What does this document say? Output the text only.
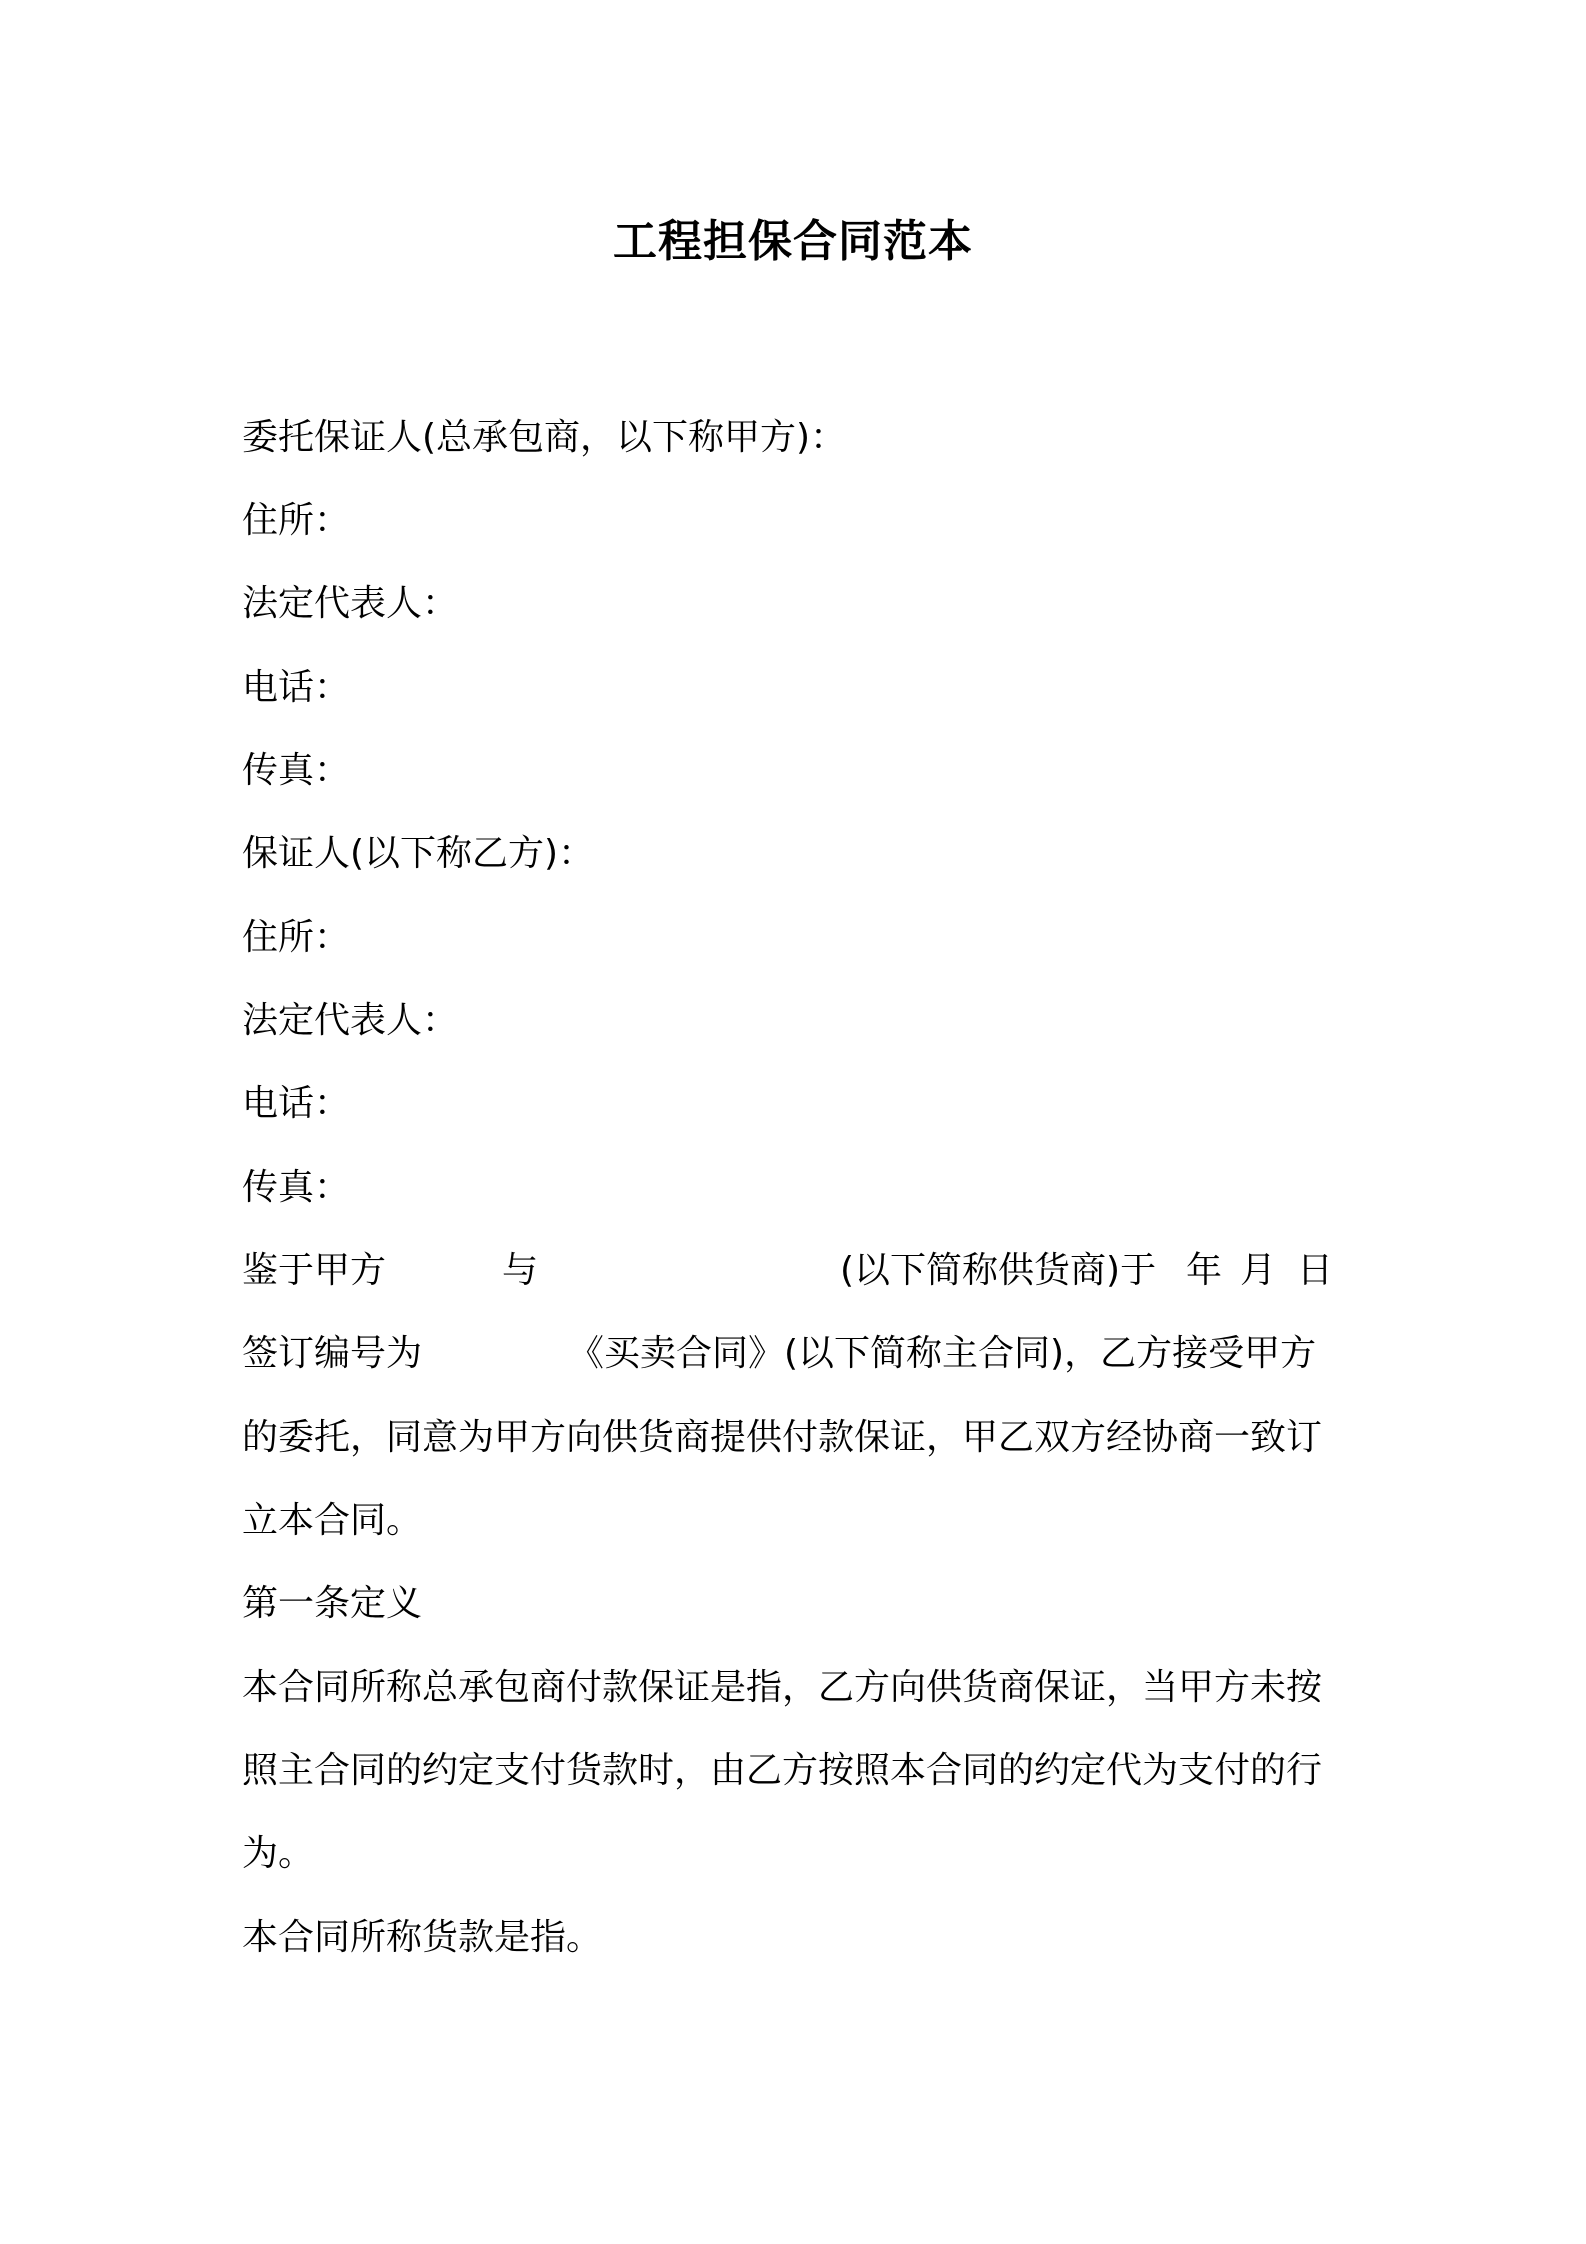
工程担保合同范本
委托保证人(总承包商，以下称甲方)：
住所：
法定代表人：
电话：
传真：
保证人(以下称乙方)：
住所：
法定代表人：
电话：
传真：
鉴于甲方	与	(以下简称供货商)于 年 月 日
签订编号为	《买卖合同》(以下简称主合同)，乙方接受甲方
的委托，同意为甲方向供货商提供付款保证，甲乙双方经协商一致订
立本合同。
第一条定义
本合同所称总承包商付款保证是指，乙方向供货商保证，当甲方未按
照主合同的约定支付货款时，由乙方按照本合同的约定代为支付的行
为。
本合同所称货款是指。
